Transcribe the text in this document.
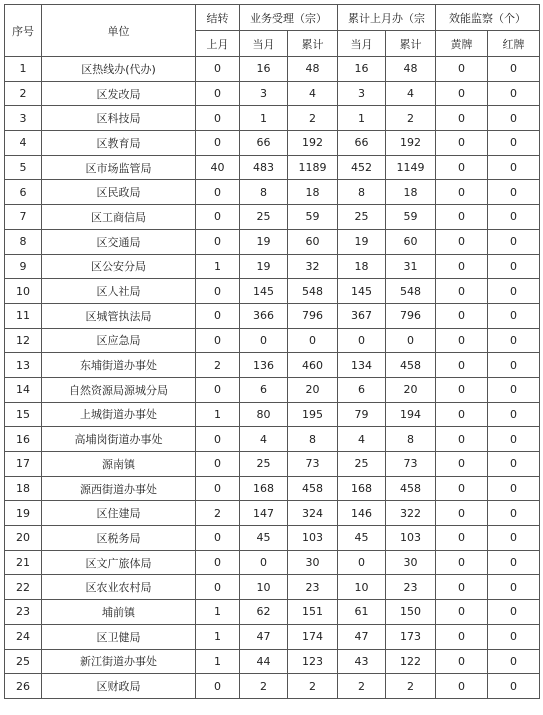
序号	单位	结转	业务受理（宗）		累计上月办（宗		效能监察（个）	
		上月	当月	累计	当月	累计	黄牌	红牌
1	区热线办(代办)	0	16	48	16	48	0	0
2	区发改局	0	3	4	3	4	0	0
3	区科技局	0	1	2	1	2	0	0
4	区教育局	0	66	192	66	192	0	0
5	区市场监管局	40	483	1189	452	1149	0	0
6	区民政局	0	8	18	8	18	0	0
7	区工商信局	0	25	59	25	59	0	0
8	区交通局	0	19	60	19	60	0	0
9	区公安分局	1	19	32	18	31	0	0
10	区人社局	0	145	548	145	548	0	0
11	区城管执法局	0	366	796	367	796	0	0
12	区应急局	0	0	0	0	0	0	0
13	东埔街道办事处	2	136	460	134	458	0	0
14	自然资源局源城分局	0	6	20	6	20	0	0
15	上城街道办事处	1	80	195	79	194	0	0
16	高埔岗街道办事处	0	4	8	4	8	0	0
17	源南镇	0	25	73	25	73	0	0
18	源西街道办事处	0	168	458	168	458	0	0
19	区住建局	2	147	324	146	322	0	0
20	区税务局	0	45	103	45	103	0	0
21	区文广旅体局	0	0	30	0	30	0	0
22	区农业农村局	0	10	23	10	23	0	0
23	埔前镇	1	62	151	61	150	0	0
24	区卫健局	1	47	174	47	173	0	0
25	新江街道办事处	1	44	123	43	122	0	0
26	区财政局	0	2	2	2	2	0	0
